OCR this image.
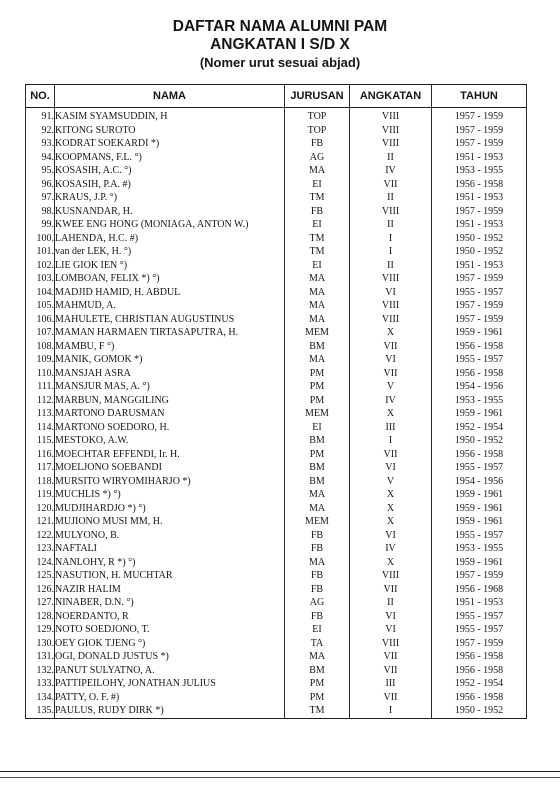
DAFTAR NAMA ALUMNI PAM
ANGKATAN I S/D X
(Nomer urut sesuai abjad)
NO.	NAMA	JURUSAN	ANGKATAN	TAHUN
91.	KASIM SYAMSUDDIN, H	TOP	VIII	1957 - 1959
92.	KITONG SUROTO	TOP	VIII	1957 - 1959
93.	KODRAT SOEKARDI *)	FB	VIII	1957 - 1959
94.	KOOPMANS, F.L. °)	AG	II	1951 - 1953
95.	KOSASIH, A.C. °)	MA	IV	1953 - 1955
96.	KOSASIH, P.A. #)	EI	VII	1956 - 1958
97.	KRAUS, J.P. °)	TM	II	1951 - 1953
98.	KUSNANDAR, H.	FB	VIII	1957 - 1959
99.	KWEE ENG HONG (MONIAGA, ANTON W.)	EI	II	1951 - 1953
100.	LAHENDA, H.C. #)	TM	I	1950 - 1952
101.	van der LEK, H. °)	TM	I	1950 - 1952
102.	LIE GIOK IEN °)	EI	II	1951 - 1953
103.	LOMBOAN, FELIX *) °)	MA	VIII	1957 - 1959
104.	MADJID HAMID, H. ABDUL	MA	VI	1955 - 1957
105.	MAHMUD, A.	MA	VIII	1957 - 1959
106.	MAHULETE, CHRISTIAN AUGUSTINUS	MA	VIII	1957 - 1959
107.	MAMAN HARMAEN TIRTASAPUTRA, H.	MEM	X	1959 - 1961
108.	MAMBU, F °)	BM	VII	1956 - 1958
109.	MANIK, GOMOK *)	MA	VI	1955 - 1957
110.	MANSJAH ASRA	PM	VII	1956 - 1958
111.	MANSJUR MAS, A. °)	PM	V	1954 - 1956
112.	MARBUN, MANGGILING	PM	IV	1953 - 1955
113.	MARTONO DARUSMAN	MEM	X	1959 - 1961
114.	MARTONO SOEDORO, H.	EI	III	1952 - 1954
115.	MESTOKO, A.W.	BM	I	1950 - 1952
116.	MOECHTAR EFFENDI, Ir. H.	PM	VII	1956 - 1958
117.	MOELJONO SOEBANDI	BM	VI	1955 - 1957
118.	MURSITO WIRYOMIHARJO *)	BM	V	1954 - 1956
119.	MUCHLIS *) °)	MA	X	1959 - 1961
120.	MUDJIHARDJO *) °)	MA	X	1959 - 1961
121.	MUJIONO MUSI MM, H.	MEM	X	1959 - 1961
122.	MULYONO, B.	FB	VI	1955 - 1957
123.	NAFTALI	FB	IV	1953 - 1955
124.	NANLOHY, R *) °)	MA	X	1959 - 1961
125.	NASUTION, H. MUCHTAR	FB	VIII	1957 - 1959
126.	NAZIR HALIM	FB	VII	1956 - 1968
127.	NINABER, D.N. °)	AG	II	1951 - 1953
128.	NOERDANTO, R	FB	VI	1955 - 1957
129.	NOTO SOEDJONO, T.	EI	VI	1955 - 1957
130.	OEY GIOK TJENG °)	TA	VIII	1957 - 1959
131.	OGI, DONALD JUSTUS *)	MA	VII	1956 - 1958
132.	PANUT SULYATNO, A.	BM	VII	1956 - 1958
133.	PATTIPEILOHY, JONATHAN JULIUS	PM	III	1952 - 1954
134.	PATTY, O. F. #)	PM	VII	1956 - 1958
135.	PAULUS, RUDY DIRK *)	TM	I	1950 - 1952
